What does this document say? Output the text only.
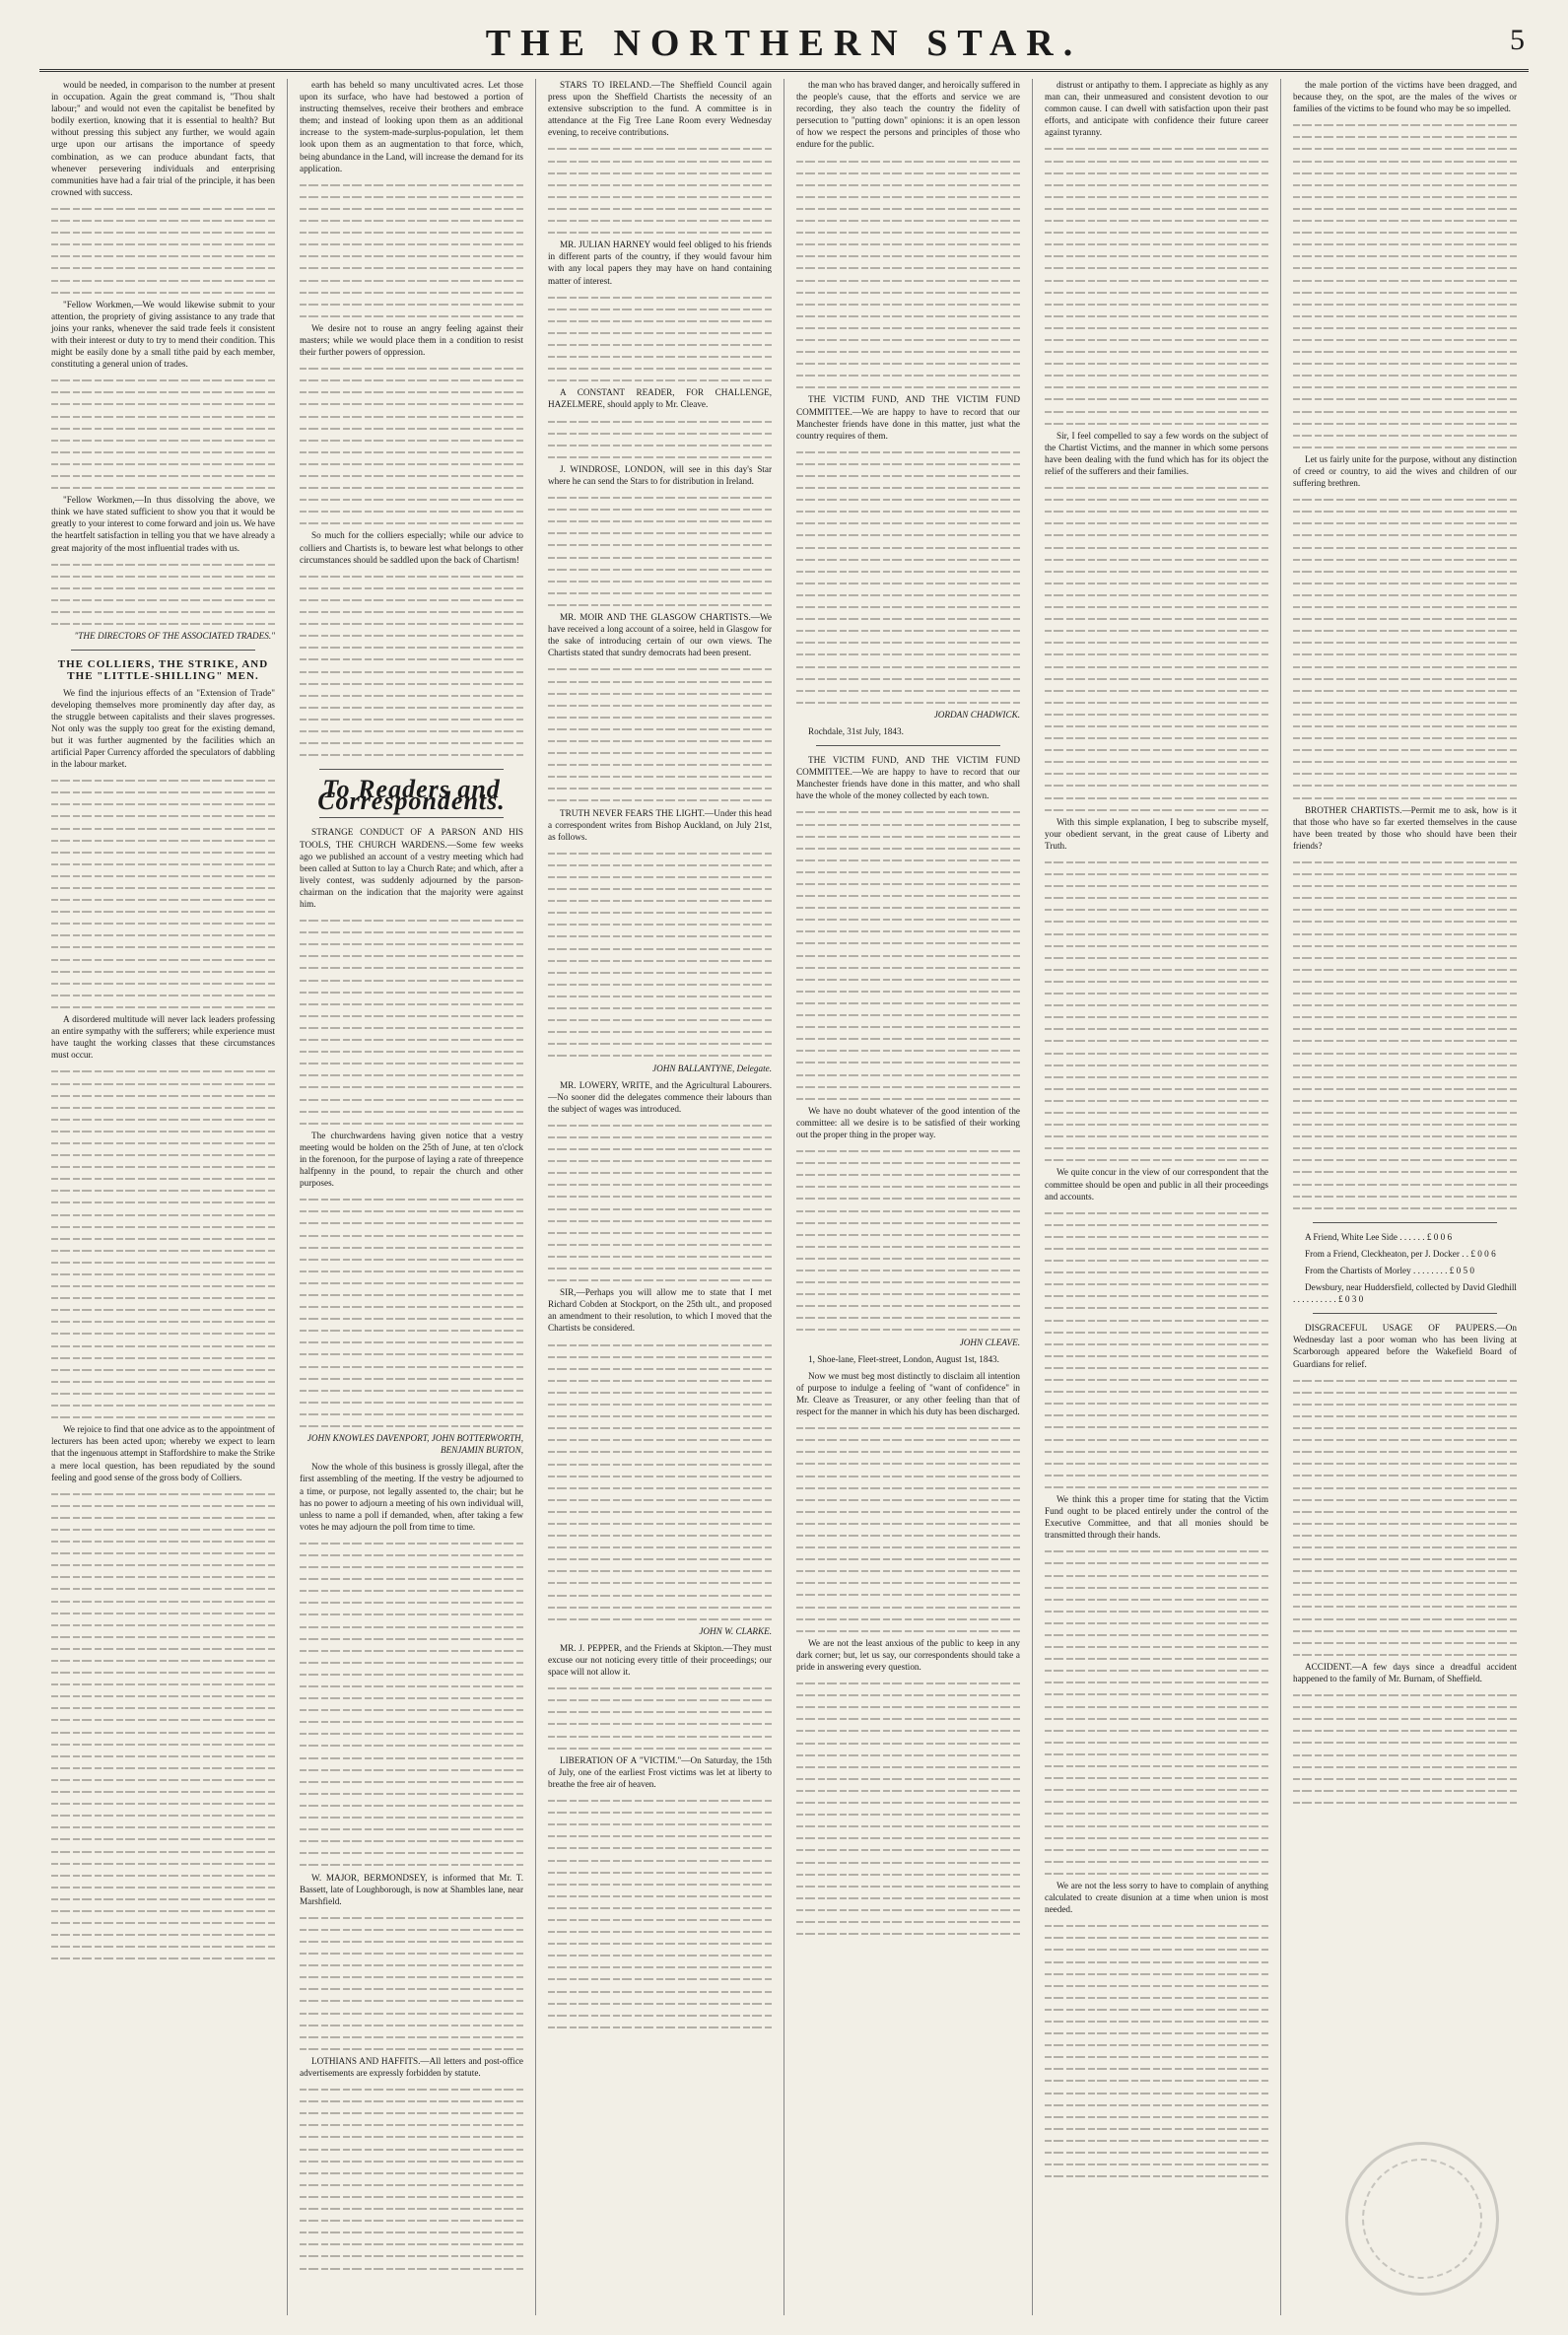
THE NORTHERN STAR.	5

would be needed, in comparison to the number at present in occupation. Again the great command is, "Thou shalt labour;" and would not even the capitalist be benefited by bodily exertion, knowing that it is essential to health? But without pressing this subject any further, we would again urge upon our artisans the importance of speedy combination, as we can produce abundant facts, that whenever persevering individuals and enterprising communities have had a fair trial of the principle, it has been crowned with success.

"Fellow Workmen,—We would likewise submit to your attention, the propriety of giving assistance to any trade that joins your ranks, whenever the said trade feels it consistent with their interest or duty to try to mend their condition. This might be easily done by a small tithe paid by each member, constituting a general union of trades.

"Fellow Workmen,—In thus dissolving the above, we think we have stated sufficient to show you that it would be greatly to your interest to come forward and join us. We have the heartfelt satisfaction in telling you that we have already a great majority of the most influential trades with us.

"THE DIRECTORS OF THE ASSOCIATED TRADES."

THE COLLIERS, THE STRIKE, AND THE "LITTLE-SHILLING" MEN.

We find the injurious effects of an "Extension of Trade" developing themselves more prominently day after day, as the struggle between capitalists and their slaves progresses. Not only was the supply too great for the existing demand, but it was further augmented by the facilities which an artificial Paper Currency afforded the speculators of dabbling in the labour market.

A disordered multitude will never lack leaders professing an entire sympathy with the sufferers; while experience must have taught the working classes that these circumstances must occur.

We rejoice to find that one advice as to the appointment of lecturers has been acted upon; whereby we expect to learn that the ingenuous attempt in Staffordshire to make the Strike a mere local question, has been repudiated by the sound feeling and good sense of the gross body of Colliers.

earth has beheld so many uncultivated acres. Let those upon its surface, who have had bestowed a portion of instructing themselves, receive their brothers and embrace them; and instead of looking upon them as an additional increase to the system-made-surplus-population, let them look upon them as an augmentation to that force, which, being abundance in the Land, will increase the demand for its application.

We desire not to rouse an angry feeling against their masters; while we would place them in a condition to resist their further powers of oppression.

So much for the colliers especially; while our advice to colliers and Chartists is, to beware lest what belongs to other circumstances should be saddled upon the back of Chartism!

To Readers and Correspondents.

STRANGE CONDUCT OF A PARSON AND HIS TOOLS, THE CHURCH WARDENS.—Some few weeks ago we published an account of a vestry meeting which had been called at Sutton to lay a Church Rate; and which, after a lively contest, was suddenly adjourned by the parson-chairman on the indication that the majority were against him.

The churchwardens having given notice that a vestry meeting would be holden on the 25th of June, at ten o'clock in the forenoon, for the purpose of laying a rate of threepence halfpenny in the pound, to repair the church and other purposes.

JOHN KNOWLES DAVENPORT, JOHN BOTTERWORTH, BENJAMIN BURTON,

Now the whole of this business is grossly illegal, after the first assembling of the meeting. If the vestry be adjourned to a time, or purpose, not legally assented to, the chair; but he has no power to adjourn a meeting of his own individual will, unless to name a poll if demanded, when, after taking a few votes he may adjourn the poll from time to time.

W. MAJOR, BERMONDSEY, is informed that Mr. T. Bassett, late of Loughborough, is now at Shambles lane, near Marshfield.

LOTHIANS AND HAFFITS.—All letters and post-office advertisements are expressly forbidden by statute.

STARS TO IRELAND.—The Sheffield Council again press upon the Sheffield Chartists the necessity of an extensive subscription to the fund. A committee is in attendance at the Fig Tree Lane Room every Wednesday evening, to receive contributions.

MR. JULIAN HARNEY would feel obliged to his friends in different parts of the country, if they would favour him with any local papers they may have on hand containing matter of interest.

A CONSTANT READER, FOR CHALLENGE, HAZELMERE, should apply to Mr. Cleave.

J. WINDROSE, LONDON, will see in this day's Star where he can send the Stars to for distribution in Ireland.

MR. MOIR AND THE GLASGOW CHARTISTS.—We have received a long account of a soiree, held in Glasgow for the sake of introducing certain of our own views. The Chartists stated that sundry democrats had been present.

TRUTH NEVER FEARS THE LIGHT.—Under this head a correspondent writes from Bishop Auckland, on July 21st, as follows.

JOHN BALLANTYNE, Delegate.

MR. LOWERY, WRITE, and the Agricultural Labourers.—No sooner did the delegates commence their labours than the subject of wages was introduced.

SIR,—Perhaps you will allow me to state that I met Richard Cobden at Stockport, on the 25th ult., and proposed an amendment to their resolution, to which I moved that the Chartists be considered.

JOHN W. CLARKE.

MR. J. PEPPER, and the Friends at Skipton.—They must excuse our not noticing every tittle of their proceedings; our space will not allow it.

LIBERATION OF A "VICTIM."—On Saturday, the 15th of July, one of the earliest Frost victims was let at liberty to breathe the free air of heaven.

the man who has braved danger, and heroically suffered in the people's cause, that the efforts and service we are recording, they also teach the country the fidelity of persecution to "putting down" opinions: it is an open lesson of how we respect the persons and principles of those who endure for the public.

THE VICTIM FUND, AND THE VICTIM FUND COMMITTEE.—We are happy to have to record that our Manchester friends have done in this matter, just what the country requires of them.

JORDAN CHADWICK.

Rochdale, 31st July, 1843.

THE VICTIM FUND, AND THE VICTIM FUND COMMITTEE.—We are happy to have to record that our Manchester friends have done in this matter, and who shall have the whole of the money collected by each town.

We have no doubt whatever of the good intention of the committee: all we desire is to be satisfied of their working out the proper thing in the proper way.

JOHN CLEAVE.

1, Shoe-lane, Fleet-street, London, August 1st, 1843.

Now we must beg most distinctly to disclaim all intention of purpose to indulge a feeling of "want of confidence" in Mr. Cleave as Treasurer, or any other feeling than that of respect for the manner in which his duty has been discharged.

We are not the least anxious of the public to keep in any dark corner; but, let us say, our correspondents should take a pride in answering every question.

distrust or antipathy to them. I appreciate as highly as any man can, their unmeasured and consistent devotion to our common cause. I can dwell with satisfaction upon their past efforts, and anticipate with confidence their future career against tyranny.

Sir, I feel compelled to say a few words on the subject of the Chartist Victims, and the manner in which some persons have been dealing with the fund which has for its object the relief of the sufferers and their families.

With this simple explanation, I beg to subscribe myself, your obedient servant, in the great cause of Liberty and Truth.

We quite concur in the view of our correspondent that the committee should be open and public in all their proceedings and accounts.

We think this a proper time for stating that the Victim Fund ought to be placed entirely under the control of the Executive Committee, and that all monies should be transmitted through their hands.

We are not the less sorry to have to complain of anything calculated to create disunion at a time when union is most needed.

the male portion of the victims have been dragged, and because they, on the spot, are the males of the wives or families of the victims to be found who may be so impelled.

Let us fairly unite for the purpose, without any distinction of creed or country, to aid the wives and children of our suffering brethren.

BROTHER CHARTISTS.—Permit me to ask, how is it that those who have so far exerted themselves in the cause have been treated by those who should have been their friends?

A Friend, White Lee Side . . . . . . £ 0 0 6

From a Friend, Cleckheaton, per J. Docker . . £ 0 0 6

From the Chartists of Morley . . . . . . . . £ 0 5 0

Dewsbury, near Huddersfield, collected by David Gledhill . . . . . . . . . . £ 0 3 0

DISGRACEFUL USAGE OF PAUPERS.—On Wednesday last a poor woman who has been living at Scarborough appeared before the Wakefield Board of Guardians for relief.

ACCIDENT.—A few days since a dreadful accident happened to the family of Mr. Burnam, of Sheffield.
